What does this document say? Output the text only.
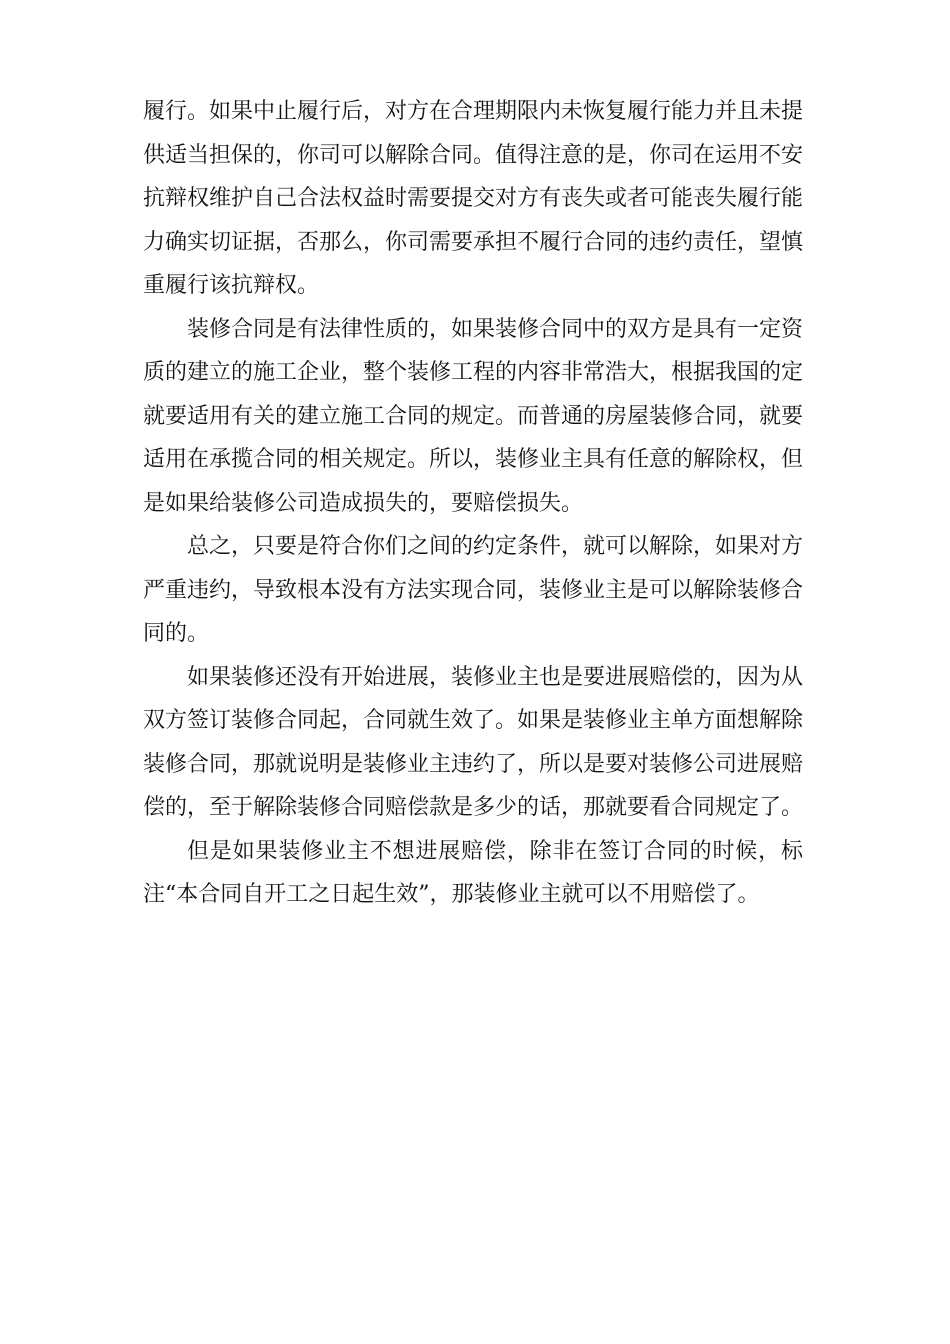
履行。如果中止履行后，对方在合理期限内未恢复履行能力并且未提供适当担保的，你司可以解除合同。值得注意的是，你司在运用不安抗辩权维护自己合法权益时需要提交对方有丧失或者可能丧失履行能力确实切证据，否那么，你司需要承担不履行合同的违约责任，望慎重履行该抗辩权。

装修合同是有法律性质的，如果装修合同中的双方是具有一定资质的建立的施工企业，整个装修工程的内容非常浩大，根据我国的定就要适用有关的建立施工合同的规定。而普通的房屋装修合同，就要适用在承揽合同的相关规定。所以，装修业主具有任意的解除权，但是如果给装修公司造成损失的，要赔偿损失。

总之，只要是符合你们之间的约定条件，就可以解除，如果对方严重违约，导致根本没有方法实现合同，装修业主是可以解除装修合同的。

如果装修还没有开始进展，装修业主也是要进展赔偿的，因为从双方签订装修合同起，合同就生效了。如果是装修业主单方面想解除装修合同，那就说明是装修业主违约了，所以是要对装修公司进展赔偿的，至于解除装修合同赔偿款是多少的话，那就要看合同规定了。

但是如果装修业主不想进展赔偿，除非在签订合同的时候，标注“本合同自开工之日起生效”，那装修业主就可以不用赔偿了。
